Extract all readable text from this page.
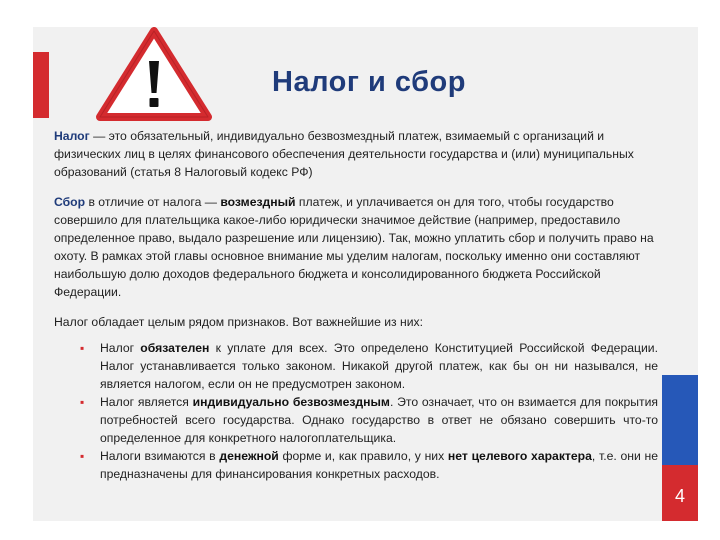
4
Налог и сбор

Налог — это обязательный, индивидуально безвозмездный платеж, взимаемый с организаций и физических лиц в целях финансового обеспечения деятельности государства и (или) муниципальных образований (статья 8 Налоговый кодекс РФ)

Сбор в отличие от налога — возмездный платеж, и уплачивается он для того, чтобы государство совершило для плательщика какое-либо юридически значимое действие (например, предоставило определенное право, выдало разрешение или лицензию). Так, можно уплатить сбор и получить право на охоту. В рамках этой главы основное внимание мы уделим налогам, поскольку именно они составляют наибольшую долю доходов федерального бюджета и консолидированного бюджета Российской Федерации.

Налог обладает целым рядом признаков. Вот важнейшие из них:

▪ Налог обязателен к уплате для всех. Это определено Конституцией Российской Федерации. Налог устанавливается только законом. Никакой другой платеж, как бы он ни назывался, не является налогом, если он не предусмотрен законом.
▪ Налог является индивидуально безвозмездным. Это означает, что он взимается для покрытия потребностей всего государства. Однако государство в ответ не обязано совершить что-то определенное для конкретного налогоплательщика.
▪ Налоги взимаются в денежной форме и, как правило, у них нет целевого характера, т.е. они не предназначены для финансирования конкретных расходов.
